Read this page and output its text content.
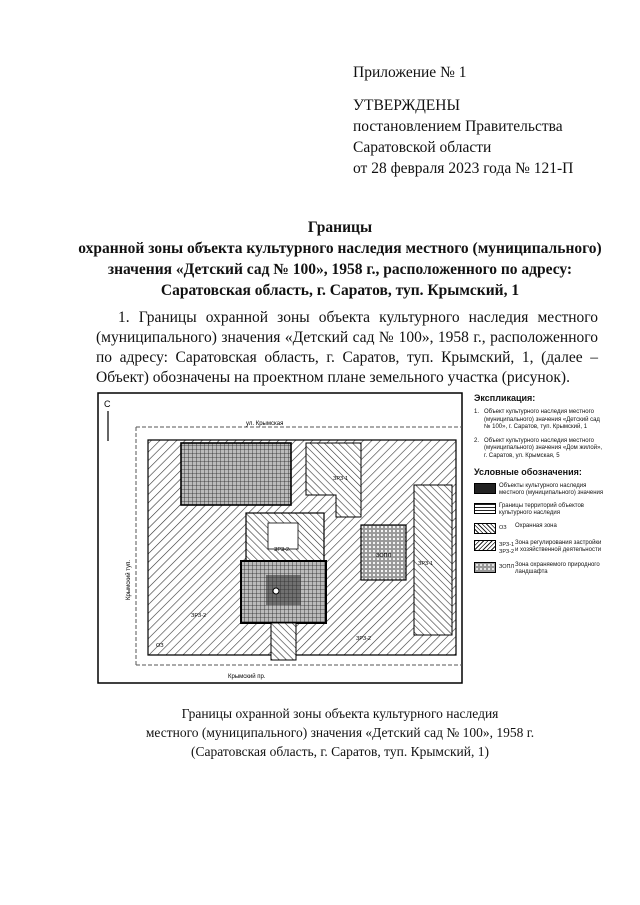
Приложение № 1
УТВЕРЖДЕНЫ
постановлением Правительства
Саратовской области
от 28 февраля 2023 года № 121-П
Границы
охранной зоны объекта культурного наследия местного (муниципального)
значения «Детский сад № 100», 1958 г., расположенного по адресу:
Саратовская область, г. Саратов, туп. Крымский, 1
1. Границы охранной зоны объекта культурного наследия местного (муниципального) значения «Детский сад № 100», 1958 г., расположенного по адресу: Саратовская область, г. Саратов, туп. Крымский, 1, (далее – Объект) обозначены на проектном плане земельного участка (рисунок).
С
ул. Крымская
Крымский туп.
Крымский пр.
ЗРЗ-1
ЗРЗ-2
ЗОПЛ
ЗРЗ-1
ЗРЗ-2
ЗРЗ-2
ОЗ
Экспликация:
1. Объект культурного наследия местного (муниципального) значения «Детский сад № 100», г. Саратов, туп. Крымский, 1
2. Объект культурного наследия местного (муниципального) значения «Дом жилой», г. Саратов, ул. Крымская, 5
Условные обозначения:
Объекты культурного наследия местного (муниципального) значения
Границы территорий объектов культурного наследия
ОЗ	Охранная зона
ЗРЗ-1 ЗРЗ-2
Зона регулирования застройки и хозяйственной деятельности
ЗОПЛ Зона охраняемого природного ландшафта
Границы охранной зоны объекта культурного наследия
местного (муниципального) значения «Детский сад № 100», 1958 г.
(Саратовская область, г. Саратов, туп. Крымский, 1)
